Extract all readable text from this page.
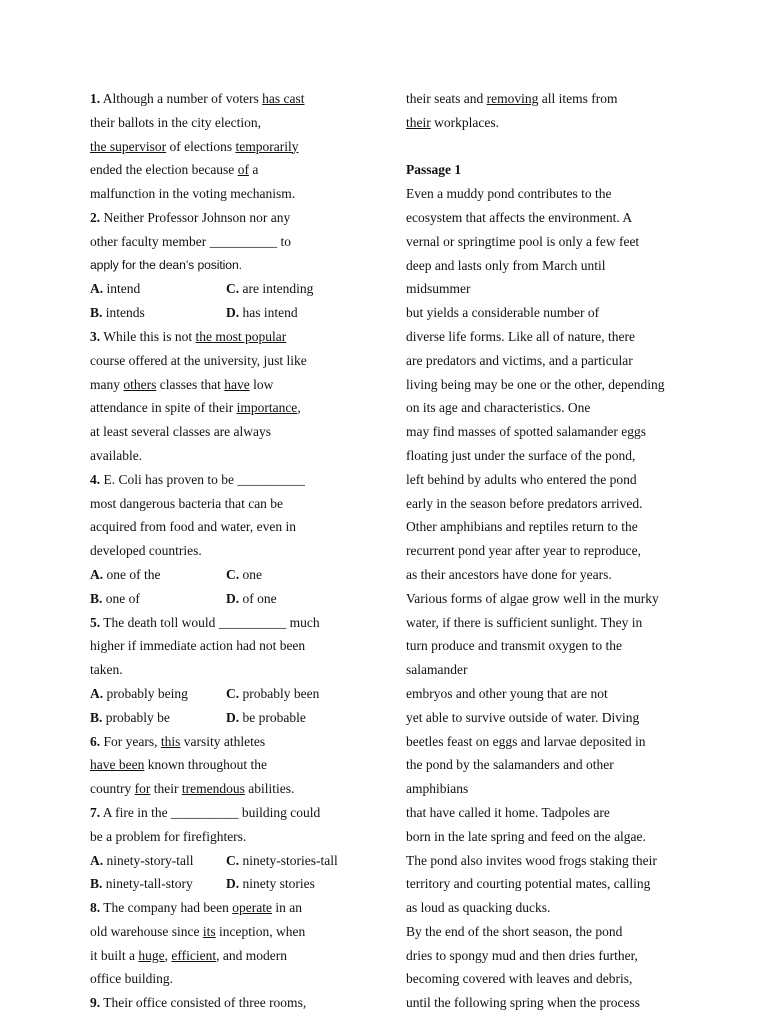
1. Although a number of voters has cast
their ballots in the city election,
the supervisor of elections temporarily
ended the election because of a
malfunction in the voting mechanism.
2. Neither Professor Johnson nor any
other faculty member __________ to
apply for the dean’s position.
A. intend	C. are intending
B. intends	D. has intend
3. While this is not the most popular
course offered at the university, just like
many others classes that have low
attendance in spite of their importance,
at least several classes are always
available.
4. E. Coli has proven to be __________
most dangerous bacteria that can be
acquired from food and water, even in
developed countries.
A. one of the	C. one
B. one of	D. of one
5. The death toll would __________ much
higher if immediate action had not been
taken.
A. probably being	C. probably been
B. probably be	D. be probable
6. For years, this varsity athletes
have been known throughout the
country for their tremendous abilities.
7. A fire in the __________ building could
be a problem for firefighters.
A. ninety-story-tall	C. ninety-stories-tall
B. ninety-tall-story	D. ninety stories
8. The company had been operate in an
old warehouse since its inception, when
it built a huge, efficient, and modern
office building.
9. Their office consisted of three rooms,
their seats and removing all items from
their workplaces.
Passage 1
Even a muddy pond contributes to the
ecosystem that affects the environment. A
vernal or springtime pool is only a few feet
deep and lasts only from March until
midsummer
but yields a considerable number of
diverse life forms. Like all of nature, there
are predators and victims, and a particular
living being may be one or the other, depending
on its age and characteristics. One
may find masses of spotted salamander eggs
floating just under the surface of the pond,
left behind by adults who entered the pond
early in the season before predators arrived.
Other amphibians and reptiles return to the
recurrent pond year after year to reproduce,
as their ancestors have done for years.
Various forms of algae grow well in the murky
water, if there is sufficient sunlight. They in
turn produce and transmit oxygen to the
salamander
embryos and other young that are not
yet able to survive outside of water. Diving
beetles feast on eggs and larvae deposited in
the pond by the salamanders and other
amphibians
that have called it home. Tadpoles are
born in the late spring and feed on the algae.
The pond also invites wood frogs staking their
territory and courting potential mates, calling
as loud as quacking ducks.
By the end of the short season, the pond
dries to spongy mud and then dries further,
becoming covered with leaves and debris,
until the following spring when the process
